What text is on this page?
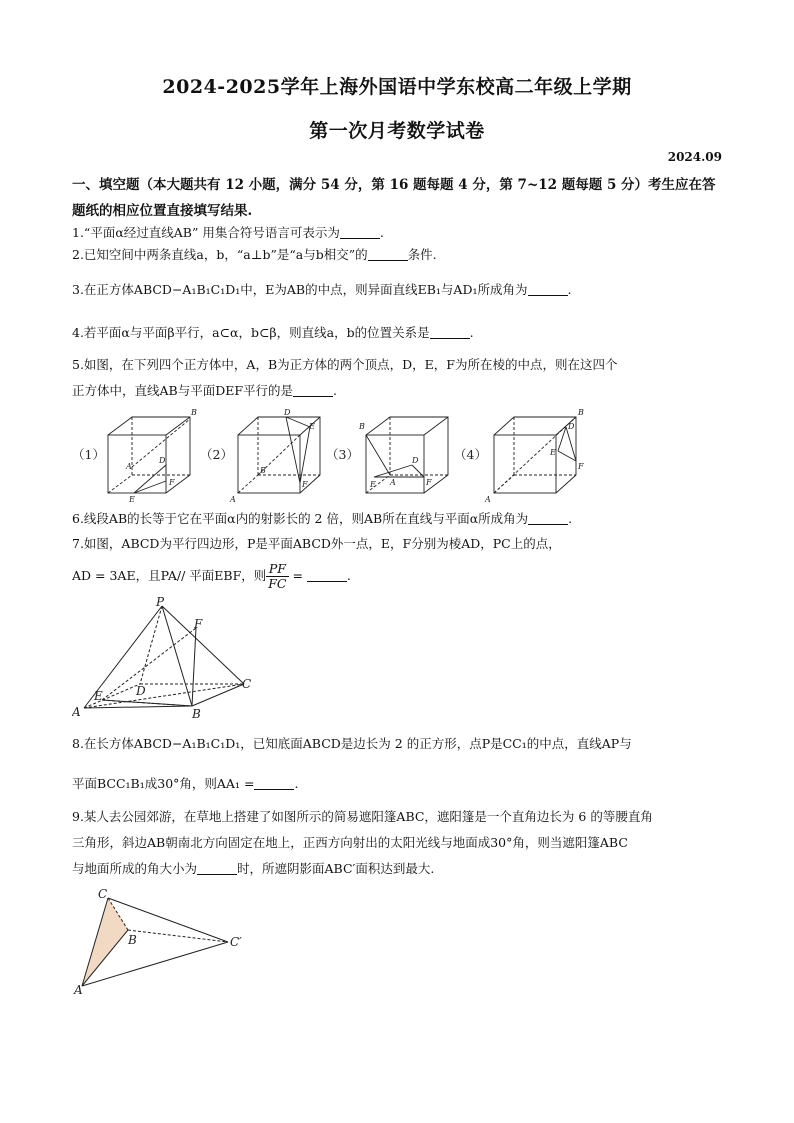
2024-2025学年上海外国语中学东校高二年级上学期
第一次月考数学试卷
2024.09
一、填空题（本大题共有 12 小题，满分 54 分，第 16 题每题 4 分，第 7~12 题每题 5 分）考生应在答题纸的相应位置直接填写结果.
1.“平面α经过直线AB” 用集合符号语言可表示为	.
2.已知空间中两条直线a，b，“a⊥b”是“a与b相交”的	条件.
3.在正方体ABCD−A₁B₁C₁D₁中，E为AB的中点，则异面直线EB₁与AD₁所成角为	.
4.若平面α与平面β平行，a⊂α，b⊂β，则直线a，b的位置关系是	.
5.如图，在下列四个正方体中，A，B为正方体的两个顶点，D，E，F为所在棱的中点，则在这四个
正方体中，直线AB与平面DEF平行的是	.
（1）
B
A
D
E
F
（2）
D
E
B
F
A
（3）
B
A
D
E	F
（4）
B
D
E
F
A
6.线段AB的长等于它在平面α内的射影长的 2 倍，则AB所在直线与平面α所成角为	.
7.如图，ABCD为平行四边形，P是平面ABCD外一点，E，F分别为棱AD，PC上的点，
AD = 3AE，且PA// 平面EBF，则 $\frac{PF}{FC}$ =	.
P
F
E	D	C
A	B
8.在长方体ABCD−A₁B₁C₁D₁，已知底面ABCD是边长为 2 的正方形，点P是CC₁的中点，直线AP与
平面BCC₁B₁成30°角，则AA₁ =	.
9.某人去公园郊游，在草地上搭建了如图所示的简易遮阳篷ABC，遮阳篷是一个直角边长为 6 的等腰直角
三角形，斜边AB朝南北方向固定在地上，正西方向射出的太阳光线与地面成30°角，则当遮阳篷ABC
与地面所成的角大小为	时，所遮阴影面ABC′面积达到最大.
C
B	C′
A
